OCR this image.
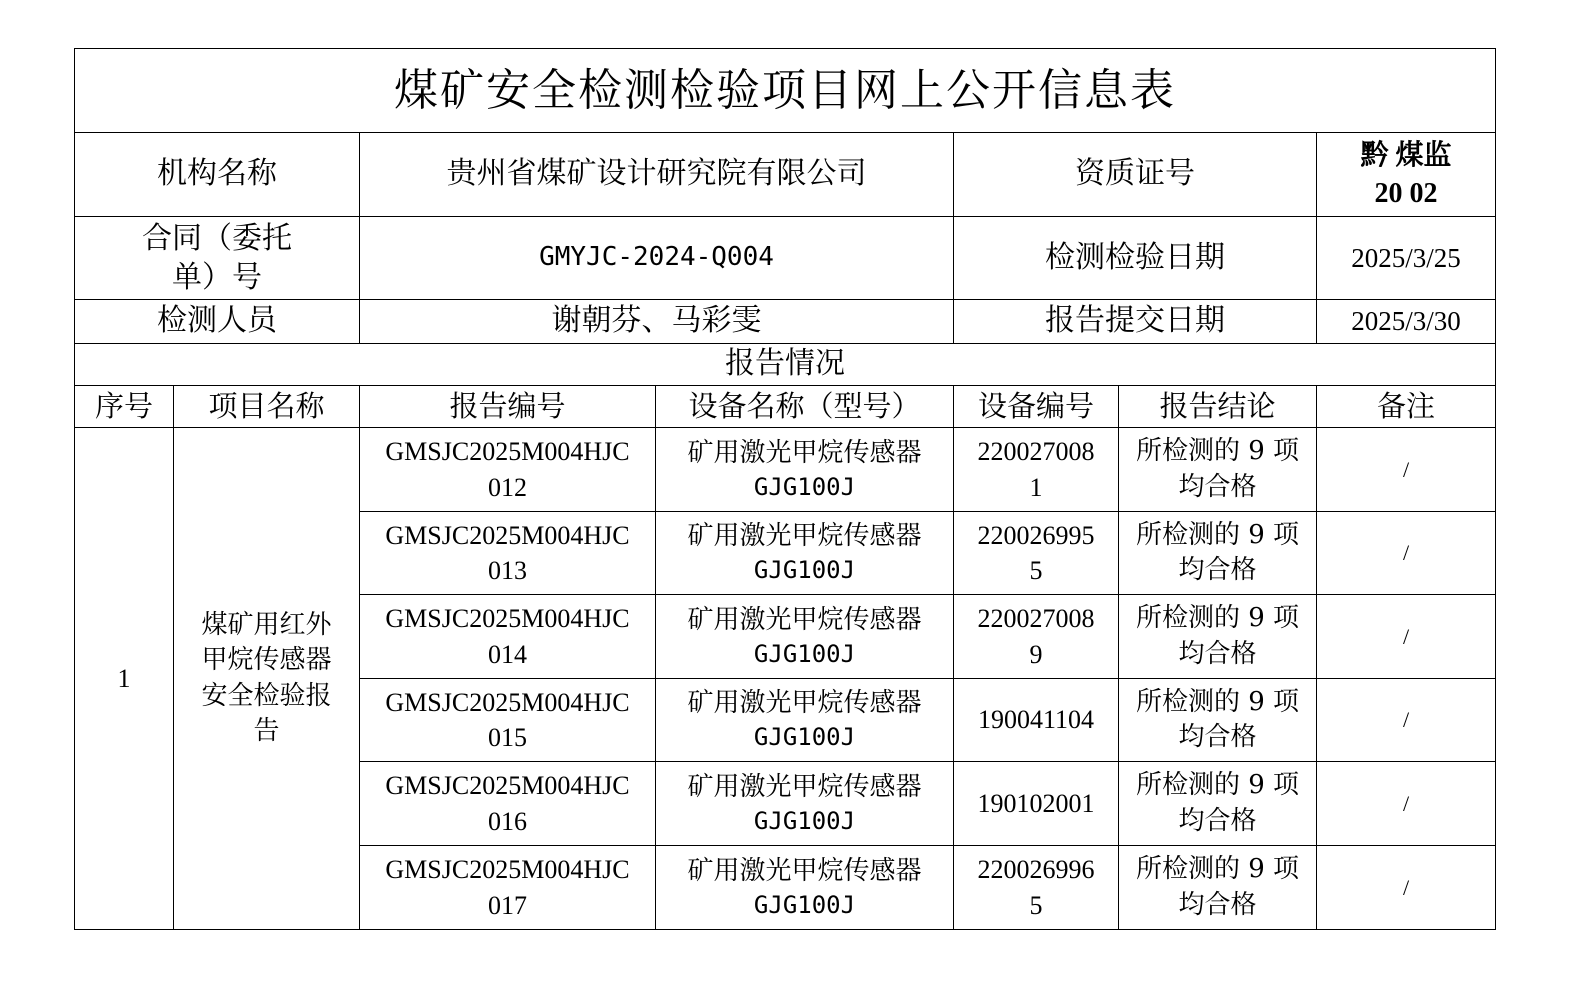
煤矿安全检测检验项目网上公开信息表						
机构名称		贵州省煤矿设计研究院有限公司		资质证号		黔 煤监
20 02

合同（委托
单）号		GMYJC-2024-Q004		检测检验日期		2025/3/25
检测人员		谢朝芬、马彩雯		报告提交日期		2025/3/30
报告情况						
序号	项目名称	报告编号	设备名称（型号）	设备编号	报告结论	备注
1	煤矿用红外
甲烷传感器
安全检验报
告	GMSJC2025M004HJC
012	矿用激光甲烷传感器
GJG100J	220027008
1	所检测的 9 项
均合格	/

		GMSJC2025M004HJC
013	矿用激光甲烷传感器
GJG100J	220026995
5	所检测的 9 项
均合格	/

		GMSJC2025M004HJC
014	矿用激光甲烷传感器
GJG100J	220027008
9	所检测的 9 项
均合格	/

		GMSJC2025M004HJC
015	矿用激光甲烷传感器
GJG100J	190041104	所检测的 9 项
均合格	/

		GMSJC2025M004HJC
016	矿用激光甲烷传感器
GJG100J	190102001	所检测的 9 项
均合格	/

		GMSJC2025M004HJC
017	矿用激光甲烷传感器
GJG100J	220026996
5	所检测的 9 项
均合格	/
